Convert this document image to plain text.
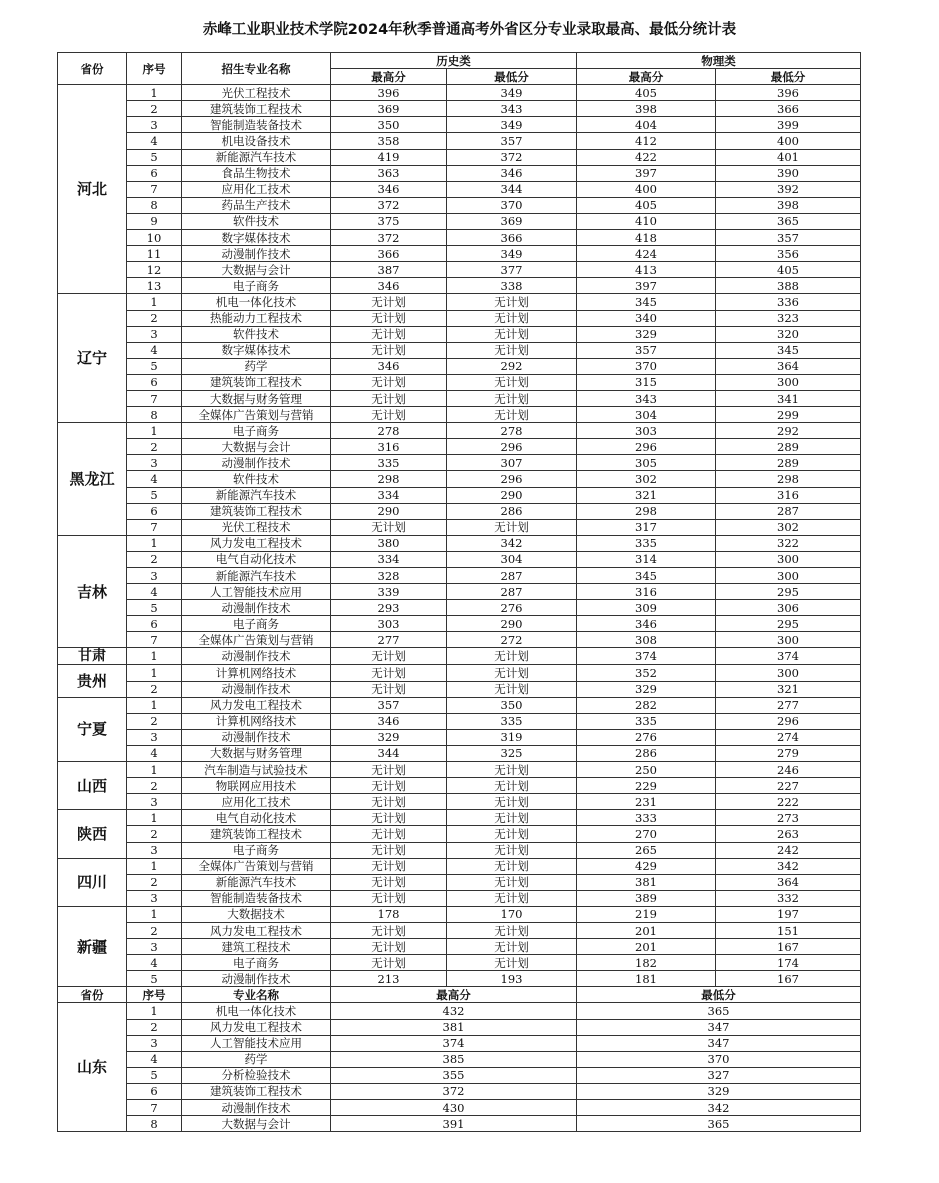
赤峰工业职业技术学院2024年秋季普通高考外省区分专业录取最高、最低分统计表
省份	序号	招生专业名称	历史类		物理类	
			最高分	最低分	最高分	最低分
河北	1	光伏工程技术	396	349	405	396
	2	建筑装饰工程技术	369	343	398	366
	3	智能制造装备技术	350	349	404	399
	4	机电设备技术	358	357	412	400
	5	新能源汽车技术	419	372	422	401
	6	食品生物技术	363	346	397	390
	7	应用化工技术	346	344	400	392
	8	药品生产技术	372	370	405	398
	9	软件技术	375	369	410	365
	10	数字媒体技术	372	366	418	357
	11	动漫制作技术	366	349	424	356
	12	大数据与会计	387	377	413	405
	13	电子商务	346	338	397	388
辽宁	1	机电一体化技术	无计划	无计划	345	336
	2	热能动力工程技术	无计划	无计划	340	323
	3	软件技术	无计划	无计划	329	320
	4	数字媒体技术	无计划	无计划	357	345
	5	药学	346	292	370	364
	6	建筑装饰工程技术	无计划	无计划	315	300
	7	大数据与财务管理	无计划	无计划	343	341
	8	全媒体广告策划与营销	无计划	无计划	304	299
黑龙江	1	电子商务	278	278	303	292
	2	大数据与会计	316	296	296	289
	3	动漫制作技术	335	307	305	289
	4	软件技术	298	296	302	298
	5	新能源汽车技术	334	290	321	316
	6	建筑装饰工程技术	290	286	298	287
	7	光伏工程技术	无计划	无计划	317	302
吉林	1	风力发电工程技术	380	342	335	322
	2	电气自动化技术	334	304	314	300
	3	新能源汽车技术	328	287	345	300
	4	人工智能技术应用	339	287	316	295
	5	动漫制作技术	293	276	309	306
	6	电子商务	303	290	346	295
	7	全媒体广告策划与营销	277	272	308	300
甘肃	1	动漫制作技术	无计划	无计划	374	374
贵州	1	计算机网络技术	无计划	无计划	352	300
	2	动漫制作技术	无计划	无计划	329	321
宁夏	1	风力发电工程技术	357	350	282	277
	2	计算机网络技术	346	335	335	296
	3	动漫制作技术	329	319	276	274
	4	大数据与财务管理	344	325	286	279
山西	1	汽车制造与试验技术	无计划	无计划	250	246
	2	物联网应用技术	无计划	无计划	229	227
	3	应用化工技术	无计划	无计划	231	222
陕西	1	电气自动化技术	无计划	无计划	333	273
	2	建筑装饰工程技术	无计划	无计划	270	263
	3	电子商务	无计划	无计划	265	242
四川	1	全媒体广告策划与营销	无计划	无计划	429	342
	2	新能源汽车技术	无计划	无计划	381	364
	3	智能制造装备技术	无计划	无计划	389	332
新疆	1	大数据技术	178	170	219	197
	2	风力发电工程技术	无计划	无计划	201	151
	3	建筑工程技术	无计划	无计划	201	167
	4	电子商务	无计划	无计划	182	174
	5	动漫制作技术	213	193	181	167
省份	序号	专业名称	最高分		最低分	
山东	1	机电一体化技术	432		365	
	2	风力发电工程技术	381		347	
	3	人工智能技术应用	374		347	
	4	药学	385		370	
	5	分析检验技术	355		327	
	6	建筑装饰工程技术	372		329	
	7	动漫制作技术	430		342	
	8	大数据与会计	391		365	
